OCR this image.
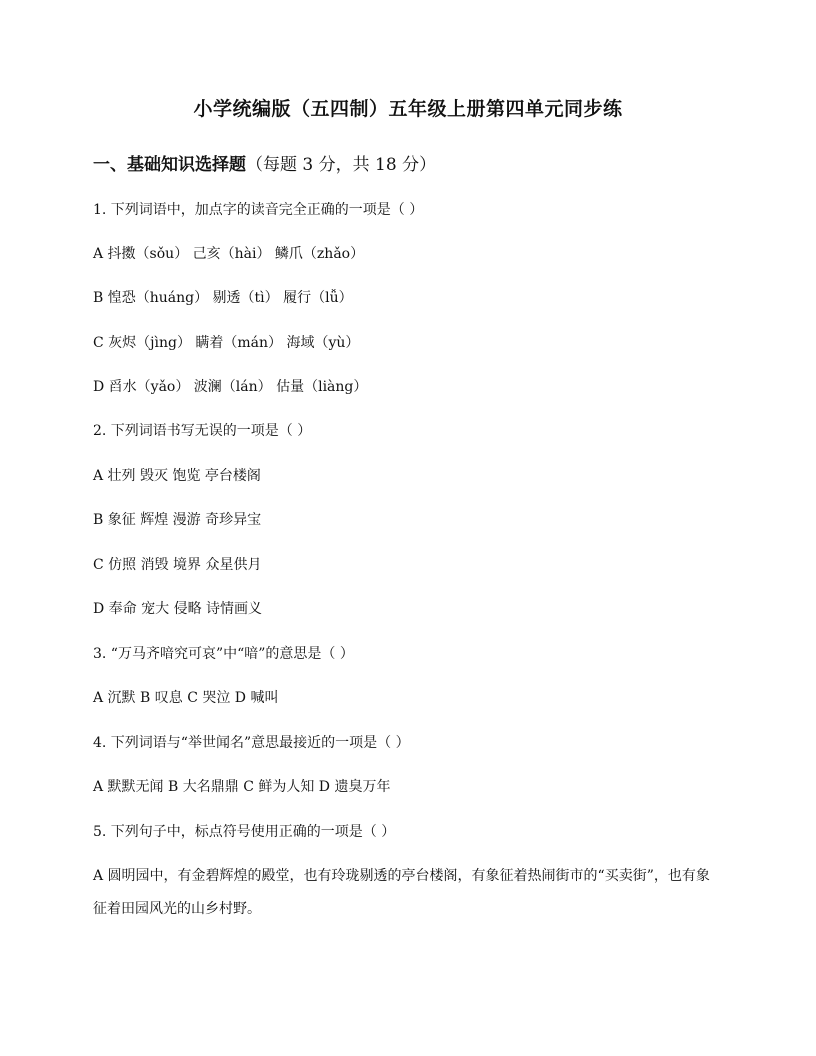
小学统编版（五四制）五年级上册第四单元同步练
一、基础知识选择题（每题 3 分，共 18 分）
1. 下列词语中，加点字的读音完全正确的一项是（ ）
A 抖擞（sǒu） 己亥（hài） 鳞爪（zhǎo）
B 惶恐（huáng） 剔透（tì） 履行（lǚ）
C 灰烬（jìng） 瞒着（mán） 海域（yù）
D 舀水（yǎo） 波澜（lán） 估量（liàng）
2. 下列词语书写无误的一项是（ ）
A 壮列 毁灭 饱览 亭台楼阁
B 象征 辉煌 漫游 奇珍异宝
C 仿照 消毁 境界 众星供月
D 奉命 宠大 侵略 诗情画义
3. “万马齐喑究可哀”中“喑”的意思是（ ）
A 沉默 B 叹息 C 哭泣 D 喊叫
4. 下列词语与“举世闻名”意思最接近的一项是（ ）
A 默默无闻 B 大名鼎鼎 C 鲜为人知 D 遗臭万年
5. 下列句子中，标点符号使用正确的一项是（ ）
A 圆明园中，有金碧辉煌的殿堂，也有玲珑剔透的亭台楼阁，有象征着热闹街市的“买卖街”，也有象征着田园风光的山乡村野。
